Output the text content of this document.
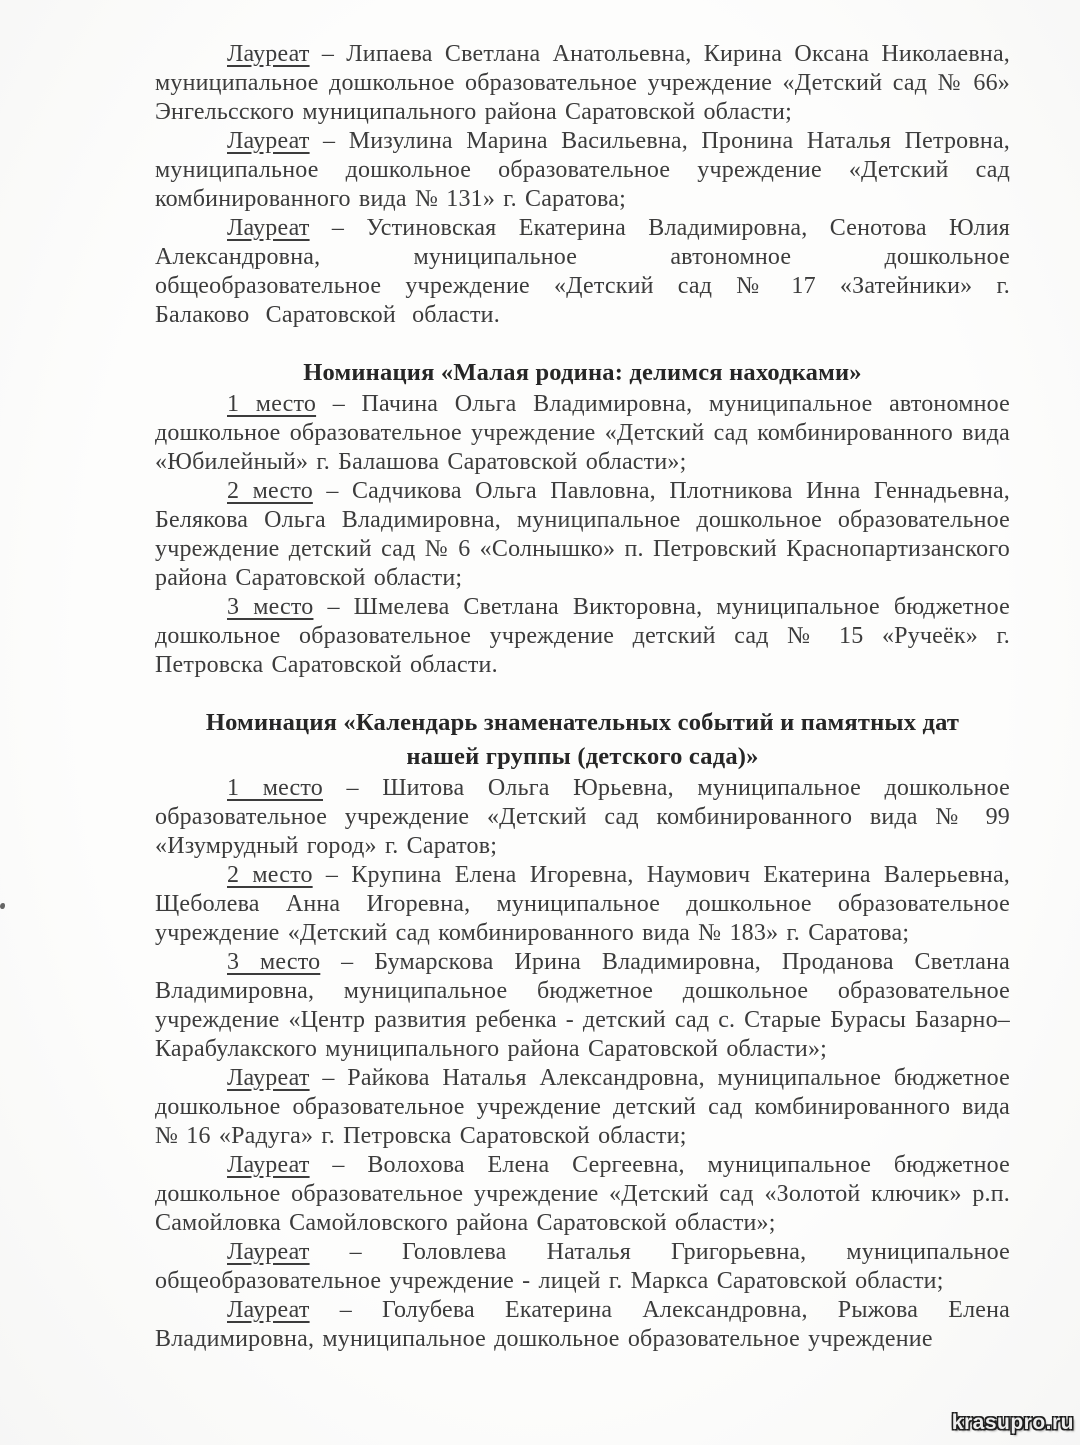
Лауреат – Липаева Светлана Анатольевна, Кирина Оксана Николаевна, муниципальное дошкольное образовательное учреждение «Детский сад № 66» Энгельсского муниципального района Саратовской области;

Лауреат – Мизулина Марина Васильевна, Пронина Наталья Петровна, муниципальное дошкольное образовательное учреждение «Детский сад комбинированного вида № 131» г. Саратова;

Лауреат – Устиновская Екатерина Владимировна, Сенотова Юлия Александровна, муниципальное автономное дошкольное общеобразовательное учреждение «Детский сад № 17 «Затейники» г. Балаково Саратовской области.

Номинация «Малая родина: делимся находками»

1 место – Пачина Ольга Владимировна, муниципальное автономное дошкольное образовательное учреждение «Детский сад комбинированного вида «Юбилейный» г. Балашова Саратовской области»;

2 место – Садчикова Ольга Павловна, Плотникова Инна Геннадьевна, Белякова Ольга Владимировна, муниципальное дошкольное образовательное учреждение детский сад № 6 «Солнышко» п. Петровский Краснопартизанского района Саратовской области;

3 место – Шмелева Светлана Викторовна, муниципальное бюджетное дошкольное образовательное учреждение детский сад № 15 «Ручеёк» г. Петровска Саратовской области.

Номинация «Календарь знаменательных событий и памятных дат нашей группы (детского сада)»

1 место – Шитова Ольга Юрьевна, муниципальное дошкольное образовательное учреждение «Детский сад комбинированного вида № 99 «Изумрудный город» г. Саратов;

2 место – Крупина Елена Игоревна, Наумович Екатерина Валерьевна, Щеболева Анна Игоревна, муниципальное дошкольное образовательное учреждение «Детский сад комбинированного вида № 183» г. Саратова;

3 место – Бумарскова Ирина Владимировна, Проданова Светлана Владимировна, муниципальное бюджетное дошкольное образовательное учреждение «Центр развития ребенка - детский сад с. Старые Бурасы Базарно– Карабулакского муниципального района Саратовской области»;

Лауреат – Райкова Наталья Александровна, муниципальное бюджетное дошкольное образовательное учреждение детский сад комбинированного вида № 16 «Радуга» г. Петровска Саратовской области;

Лауреат – Волохова Елена Сергеевна, муниципальное бюджетное дошкольное образовательное учреждение «Детский сад «Золотой ключик» р.п. Самойловка Самойловского района Саратовской области»;

Лауреат – Головлева Наталья Григорьевна, муниципальное общеобразовательное учреждение - лицей г. Маркса Саратовской области;

Лауреат – Голубева Екатерина Александровна, Рыжова Елена Владимировна, муниципальное дошкольное образовательное учреждение

krasupro.ru
